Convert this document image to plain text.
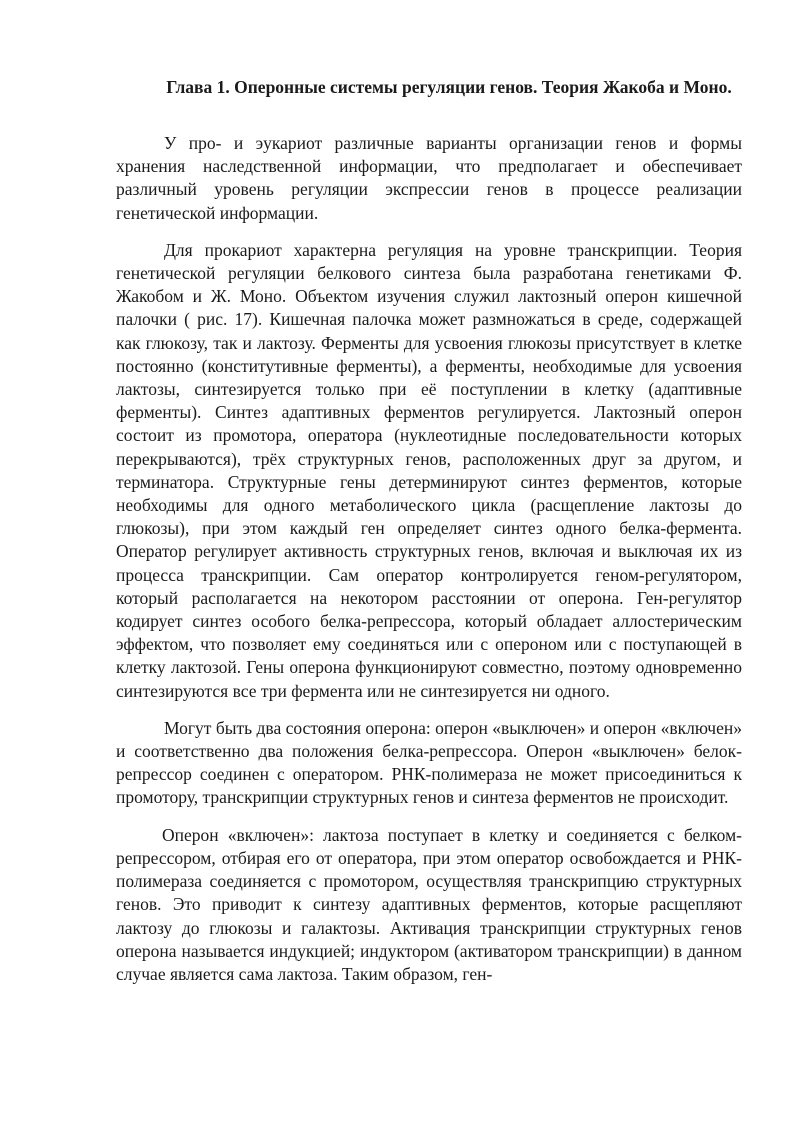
Глава 1. Оперонные системы регуляции генов. Теория Жакоба и Моно.

У про- и эукариот различные варианты организации генов и формы хранения наследственной информации, что предполагает и обеспечивает различный уровень регуляции экспрессии генов в процессе реализации генетической информации.

Для прокариот характерна регуляция на уровне транскрипции. Теория генетической регуляции белкового синтеза была разработана генетиками Ф. Жакобом и Ж. Моно. Объектом изучения служил лактозный оперон кишечной палочки ( рис. 17). Кишечная палочка может размножаться в среде, содержащей как глюкозу, так и лактозу. Ферменты для усвоения глюкозы присутствует в клетке постоянно (конститутивные ферменты), а ферменты, необходимые для усвоения лактозы, синтезируется только при её поступлении в клетку (адаптивные ферменты). Синтез адаптивных ферментов регулируется. Лактозный оперон состоит из промотора, оператора (нуклеотидные последовательности которых перекрываются), трёх структурных генов, расположенных друг за другом, и терминатора. Структурные гены детерминируют синтез ферментов, которые необходимы для одного метаболического цикла (расщепление лактозы до глюкозы), при этом каждый ген определяет синтез одного белка-фермента. Оператор регулирует активность структурных генов, включая и выключая их из процесса транскрипции. Сам оператор контролируется геном-регулятором, который располагается на некотором расстоянии от оперона. Ген-регулятор кодирует синтез особого белка-репрессора, который обладает аллостерическим эффектом, что позволяет ему соединяться или с опероном или с поступающей в клетку лактозой. Гены оперона функционируют совместно, поэтому одновременно синтезируются все три фермента или не синтезируется ни одного.

Могут быть два состояния оперона: оперон «выключен» и оперон «включен» и соответственно два положения белка-репрессора. Оперон «выключен» белок-репрессор соединен с оператором. РНК-полимераза не может присоединиться к промотору, транскрипции структурных генов и синтеза ферментов не происходит.

Оперон «включен»: лактоза поступает в клетку и соединяется с белком-репрессором, отбирая его от оператора, при этом оператор освобождается и РНК-полимераза соединяется с промотором, осуществляя транскрипцию структурных генов. Это приводит к синтезу адаптивных ферментов, которые расщепляют лактозу до глюкозы и галактозы. Активация транскрипции структурных генов оперона называется индукцией; индуктором (активатором транскрипции) в данном случае является сама лактоза. Таким образом, ген-
